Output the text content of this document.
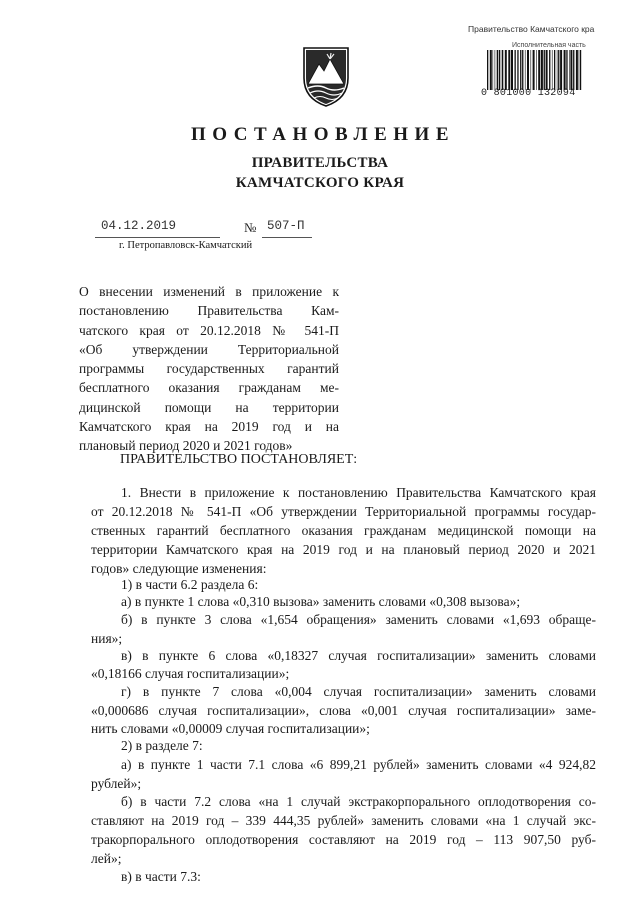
Правительство Камчатского кра
Исполнительная часть
0 801000 132094
ПОСТАНОВЛЕНИЕ
ПРАВИТЕЛЬСТВА
КАМЧАТСКОГО КРАЯ
04.12.2019	№ 507-П
г. Петропавловск-Камчатский
О внесении изменений в приложение к
постановлению Правительства Кам-
чатского края от 20.12.2018 № 541-П
«Об утверждении Территориальной
программы государственных гарантий
бесплатного оказания гражданам ме-
дицинской помощи на территории
Камчатского края на 2019 год и на
плановый период 2020 и 2021 годов»
ПРАВИТЕЛЬСТВО ПОСТАНОВЛЯЕТ:
1. Внести в приложение к постановлению Правительства Камчатского края
от 20.12.2018 № 541-П «Об утверждении Территориальной программы государ-
ственных гарантий бесплатного оказания гражданам медицинской помощи на
территории Камчатского края на 2019 год и на плановый период 2020 и 2021
годов» следующие изменения:
1) в части 6.2 раздела 6:
а) в пункте 1 слова «0,310 вызова» заменить словами «0,308 вызова»;
б) в пункте 3 слова «1,654 обращения» заменить словами «1,693 обраще-
ния»;
в) в пункте 6 слова «0,18327 случая госпитализации» заменить словами
«0,18166 случая госпитализации»;
г) в пункте 7 слова «0,004 случая госпитализации» заменить словами
«0,000686 случая госпитализации», слова «0,001 случая госпитализации» заме-
нить словами «0,00009 случая госпитализации»;
2) в разделе 7:
а) в пункте 1 части 7.1 слова «6 899,21 рублей» заменить словами «4 924,82
рублей»;
б) в части 7.2 слова «на 1 случай экстракорпорального оплодотворения со-
ставляют на 2019 год – 339 444,35 рублей» заменить словами «на 1 случай экс-
тракорпорального оплодотворения составляют на 2019 год – 113 907,50 руб-
лей»;
в) в части 7.3:
